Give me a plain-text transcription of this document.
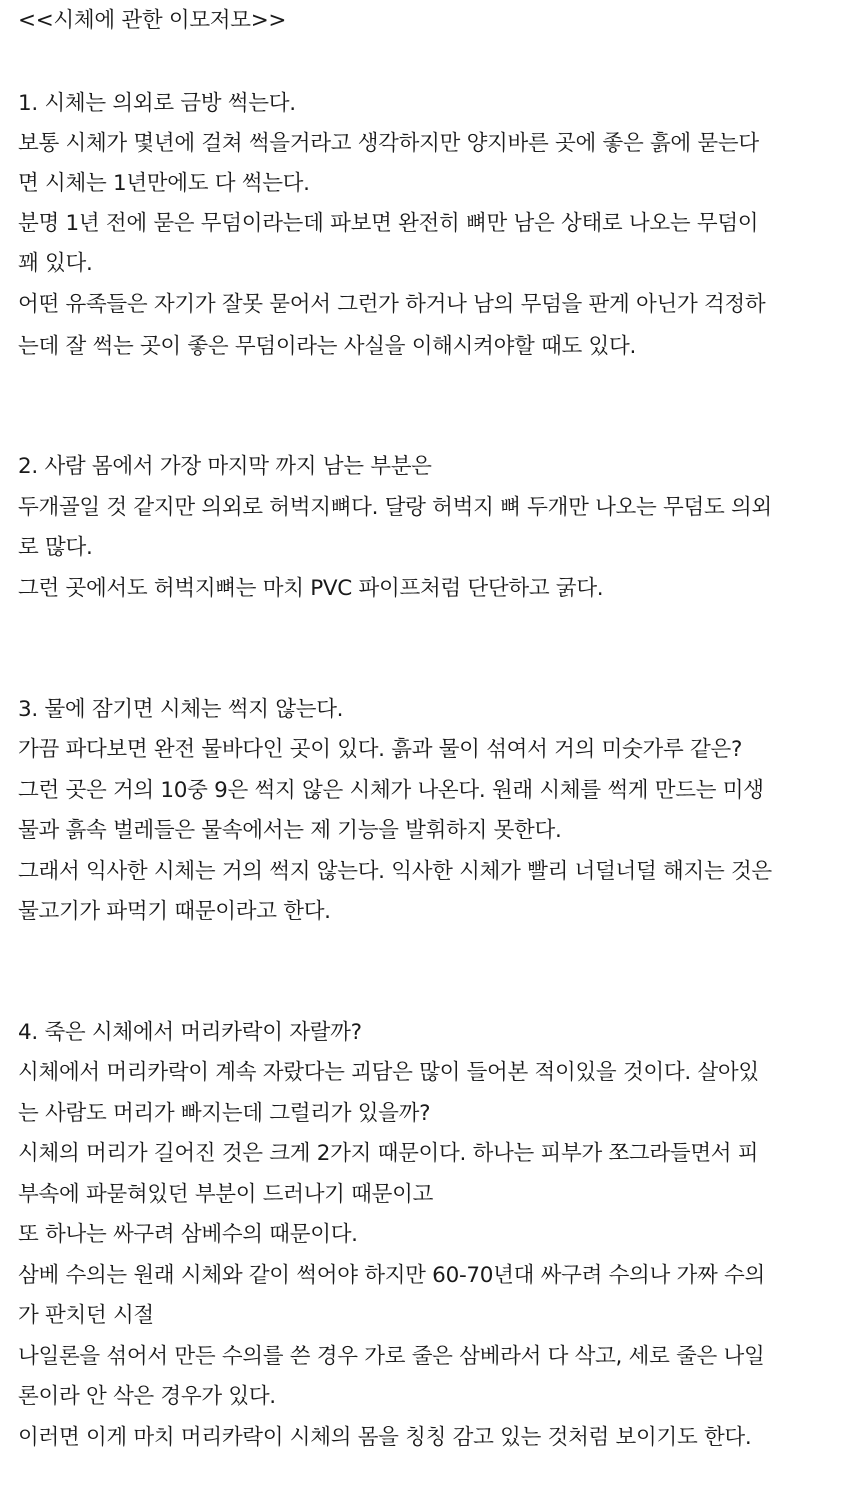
<<시체에 관한 이모저모>>
1. 시체는 의외로 금방 썩는다.
보통 시체가 몇년에 걸쳐 썩을거라고 생각하지만 양지바른 곳에 좋은 흙에 묻는다
면 시체는 1년만에도 다 썩는다.
분명 1년 전에 묻은 무덤이라는데 파보면 완전히 뼈만 남은 상태로 나오는 무덤이
꽤 있다.
어떤 유족들은 자기가 잘못 묻어서 그런가 하거나 남의 무덤을 판게 아닌가 걱정하
는데 잘 썩는 곳이 좋은 무덤이라는 사실을 이해시켜야할 때도 있다.
2. 사람 몸에서 가장 마지막 까지 남는 부분은
두개골일 것 같지만 의외로 허벅지뼈다. 달랑 허벅지 뼈 두개만 나오는 무덤도 의외
로 많다.
그런 곳에서도 허벅지뼈는 마치 PVC 파이프처럼 단단하고 굵다.
3. 물에 잠기면 시체는 썩지 않는다.
가끔 파다보면 완전 물바다인 곳이 있다. 흙과 물이 섞여서 거의 미숫가루 같은?
그런 곳은 거의 10중 9은 썩지 않은 시체가 나온다. 원래 시체를 썩게 만드는 미생
물과 흙속 벌레들은 물속에서는 제 기능을 발휘하지 못한다.
그래서 익사한 시체는 거의 썩지 않는다. 익사한 시체가 빨리 너덜너덜 해지는 것은
물고기가 파먹기 때문이라고 한다.
4. 죽은 시체에서 머리카락이 자랄까?
시체에서 머리카락이 계속 자랐다는 괴담은 많이 들어본 적이있을 것이다. 살아있
는 사람도 머리가 빠지는데 그럴리가 있을까?
시체의 머리가 길어진 것은 크게 2가지 때문이다. 하나는 피부가 쪼그라들면서 피
부속에 파묻혀있던 부분이 드러나기 때문이고
또 하나는 싸구려 삼베수의 때문이다.
삼베 수의는 원래 시체와 같이 썩어야 하지만 60-70년대 싸구려 수의나 가짜 수의
가 판치던 시절
나일론을 섞어서 만든 수의를 쓴 경우 가로 줄은 삼베라서 다 삭고, 세로 줄은 나일
론이라 안 삭은 경우가 있다.
이러면 이게 마치 머리카락이 시체의 몸을 칭칭 감고 있는 것처럼 보이기도 한다.
